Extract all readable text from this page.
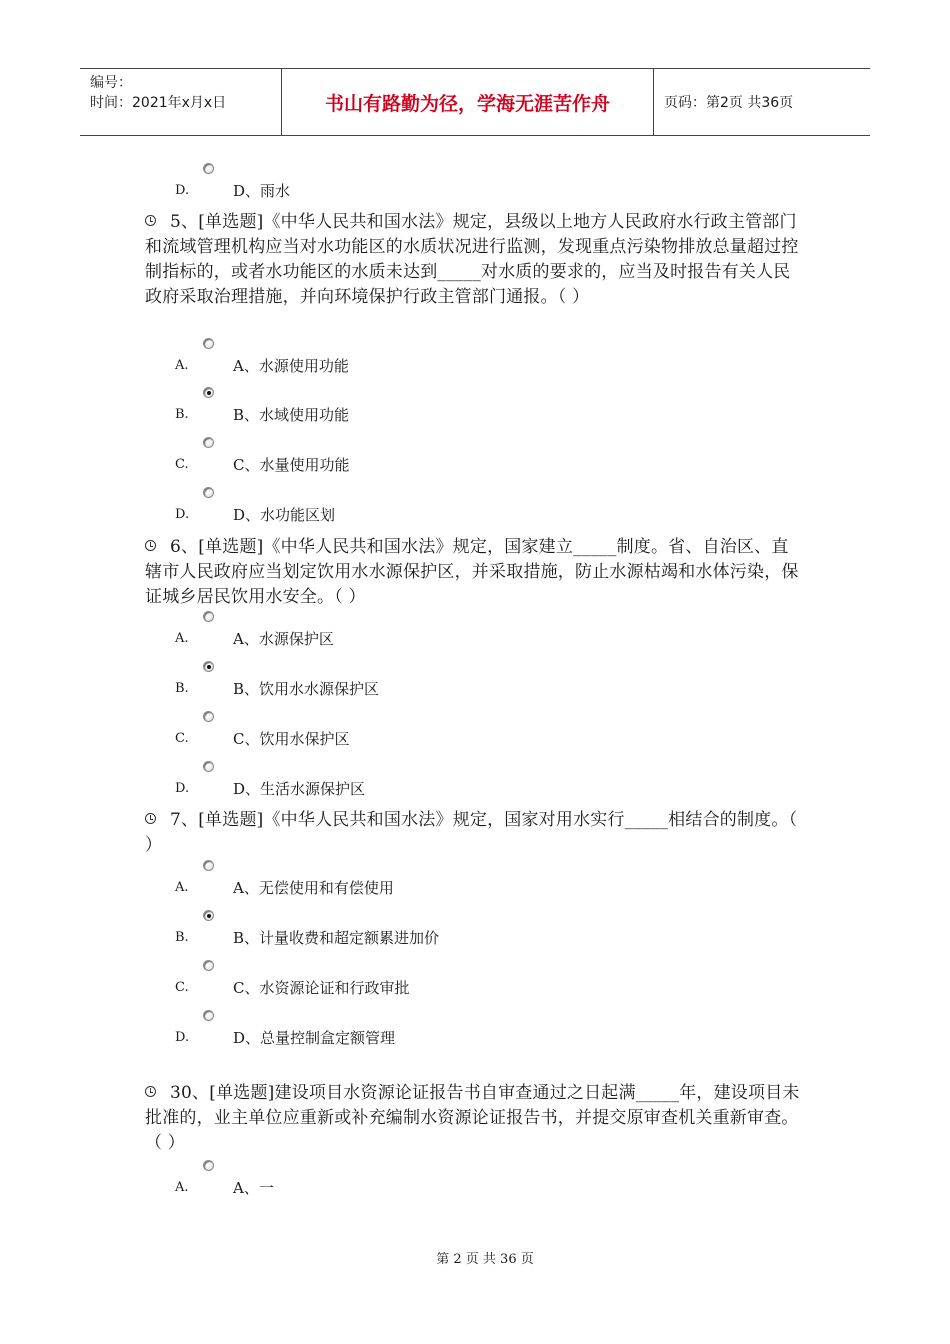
编号：
时间：2021年x月x日	书山有路勤为径，学海无涯苦作舟	页码：第2页 共36页
D.	D、雨水
5、[单选题]《中华人民共和国水法》规定，县级以上地方人民政府水行政主管部门和流域管理机构应当对水功能区的水质状况进行监测，发现重点污染物排放总量超过控制指标的，或者水功能区的水质未达到_____对水质的要求的，应当及时报告有关人民政府采取治理措施，并向环境保护行政主管部门通报。（ ）
A.	A、水源使用功能
B.	B、水域使用功能
C.	C、水量使用功能
D.	D、水功能区划
6、[单选题]《中华人民共和国水法》规定，国家建立_____制度。省、自治区、直辖市人民政府应当划定饮用水水源保护区，并采取措施，防止水源枯竭和水体污染，保证城乡居民饮用水安全。（ ）
A.	A、水源保护区
B.	B、饮用水水源保护区
C.	C、饮用水保护区
D.	D、生活水源保护区
7、[单选题]《中华人民共和国水法》规定，国家对用水实行_____相结合的制度。（ ）
A.	A、无偿使用和有偿使用
B.	B、计量收费和超定额累进加价
C.	C、水资源论证和行政审批
D.	D、总量控制盒定额管理
30、[单选题]建设项目水资源论证报告书自审查通过之日起满_____年，建设项目未批准的，业主单位应重新或补充编制水资源论证报告书，并提交原审查机关重新审查。（ ）
A.	A、一
第 2 页 共 36 页
